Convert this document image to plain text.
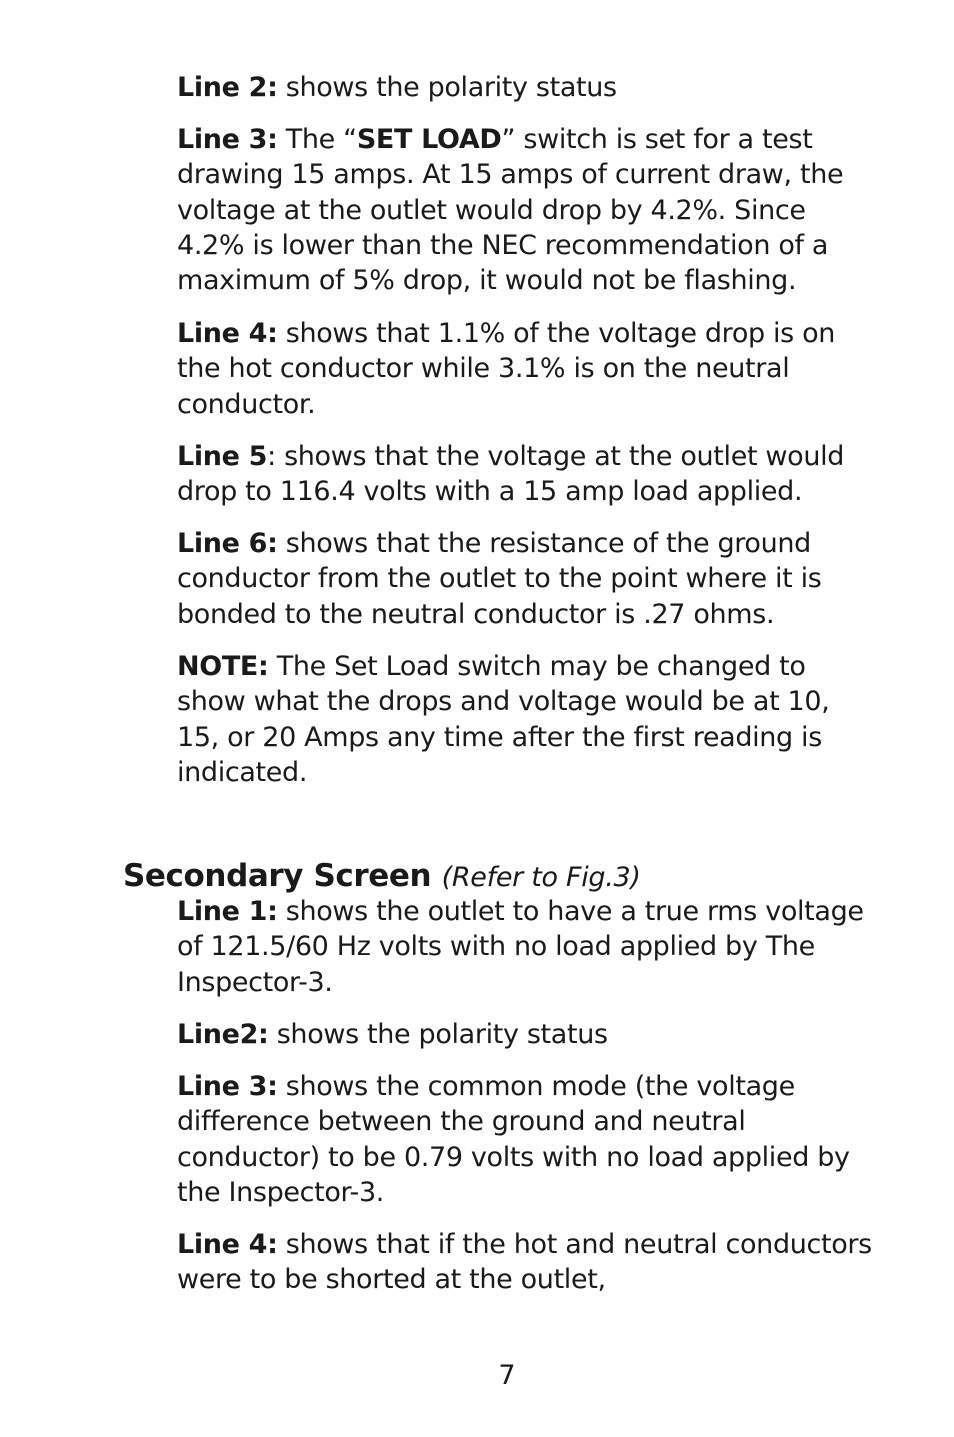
Line 2: shows the polarity status

Line 3: The “SET LOAD” switch is set for a test drawing 15 amps. At 15 amps of current draw, the voltage at the outlet would drop by 4.2%. Since 4.2% is lower than the NEC recommendation of a maximum of 5% drop, it would not be flashing.

Line 4: shows that 1.1% of the voltage drop is on the hot conductor while 3.1% is on the neutral conductor.

Line 5: shows that the voltage at the outlet would drop to 116.4 volts with a 15 amp load applied.

Line 6: shows that the resistance of the ground conductor from the outlet to the point where it is bonded to the neutral conductor is .27 ohms.

NOTE: The Set Load switch may be changed to show what the drops and voltage would be at 10, 15, or 20 Amps any time after the first reading is indicated.

Secondary Screen (Refer to Fig.3)

Line 1: shows the outlet to have a true rms voltage of 121.5/60 Hz volts with no load applied by The Inspector-3.

Line2: shows the polarity status

Line 3: shows the common mode (the voltage difference between the ground and neutral conductor) to be 0.79 volts with no load applied by the Inspector-3.

Line 4: shows that if the hot and neutral conductors were to be shorted at the outlet,

7
